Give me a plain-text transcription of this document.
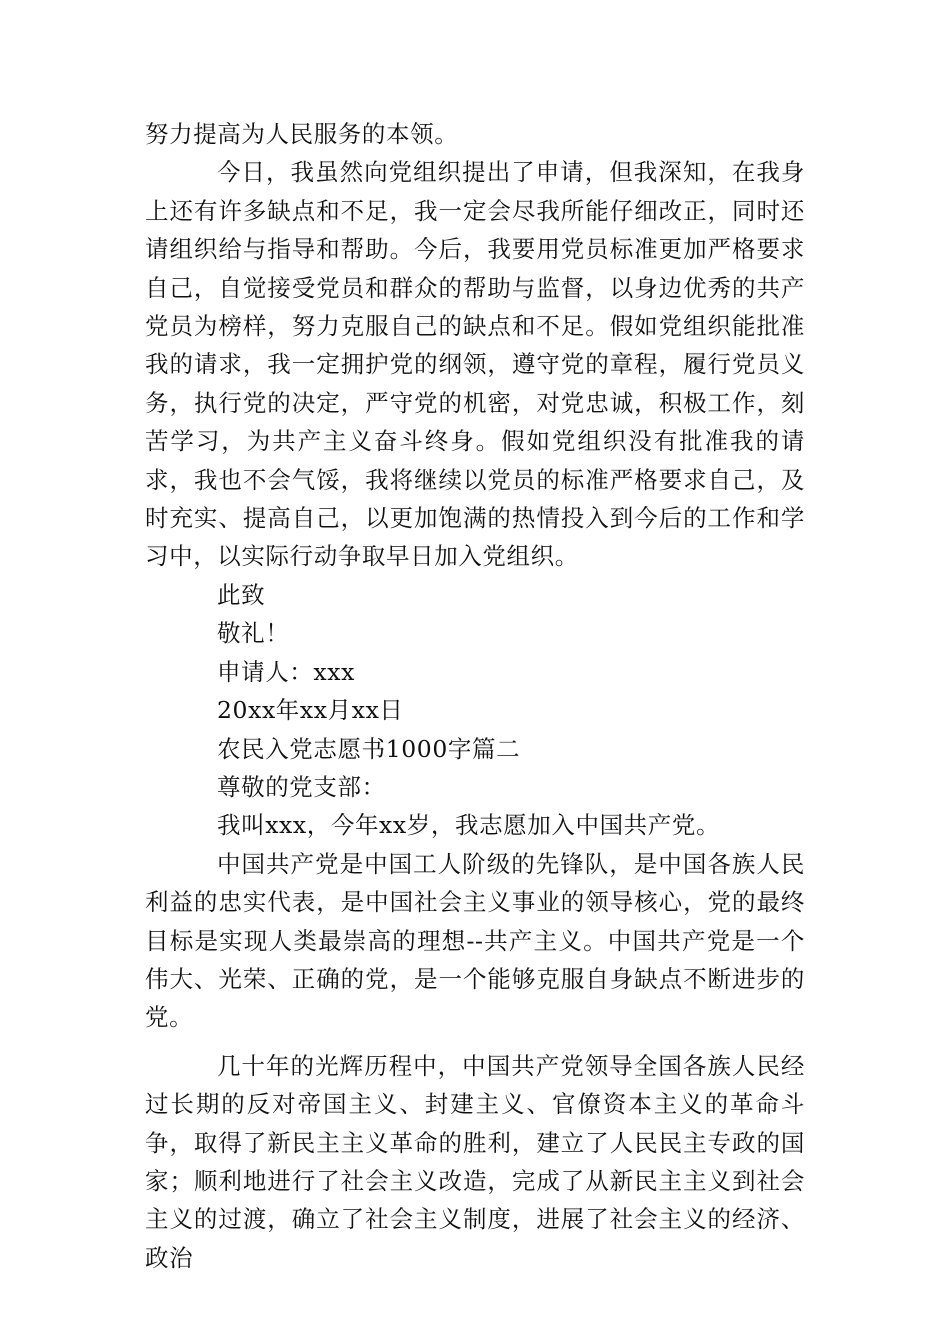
努力提高为人民服务的本领。

今日，我虽然向党组织提出了申请，但我深知，在我身上还有许多缺点和不足，我一定会尽我所能仔细改正，同时还请组织给与指导和帮助。今后，我要用党员标准更加严格要求自己，自觉接受党员和群众的帮助与监督，以身边优秀的共产党员为榜样，努力克服自己的缺点和不足。假如党组织能批准我的请求，我一定拥护党的纲领，遵守党的章程，履行党员义务，执行党的决定，严守党的机密，对党忠诚，积极工作，刻苦学习，为共产主义奋斗终身。假如党组织没有批准我的请求，我也不会气馁，我将继续以党员的标准严格要求自己，及时充实、提高自己，以更加饱满的热情投入到今后的工作和学习中，以实际行动争取早日加入党组织。

此致

敬礼！

申请人：xxx

20xx年xx月xx日

农民入党志愿书1000字篇二

尊敬的党支部：

我叫xxx，今年xx岁，我志愿加入中国共产党。

中国共产党是中国工人阶级的先锋队，是中国各族人民利益的忠实代表，是中国社会主义事业的领导核心，党的最终目标是实现人类最崇高的理想--共产主义。中国共产党是一个伟大、光荣、正确的党，是一个能够克服自身缺点不断进步的党。

几十年的光辉历程中，中国共产党领导全国各族人民经过长期的反对帝国主义、封建主义、官僚资本主义的革命斗争，取得了新民主主义革命的胜利，建立了人民民主专政的国家；顺利地进行了社会主义改造，完成了从新民主主义到社会主义的过渡，确立了社会主义制度，进展了社会主义的经济、政治
